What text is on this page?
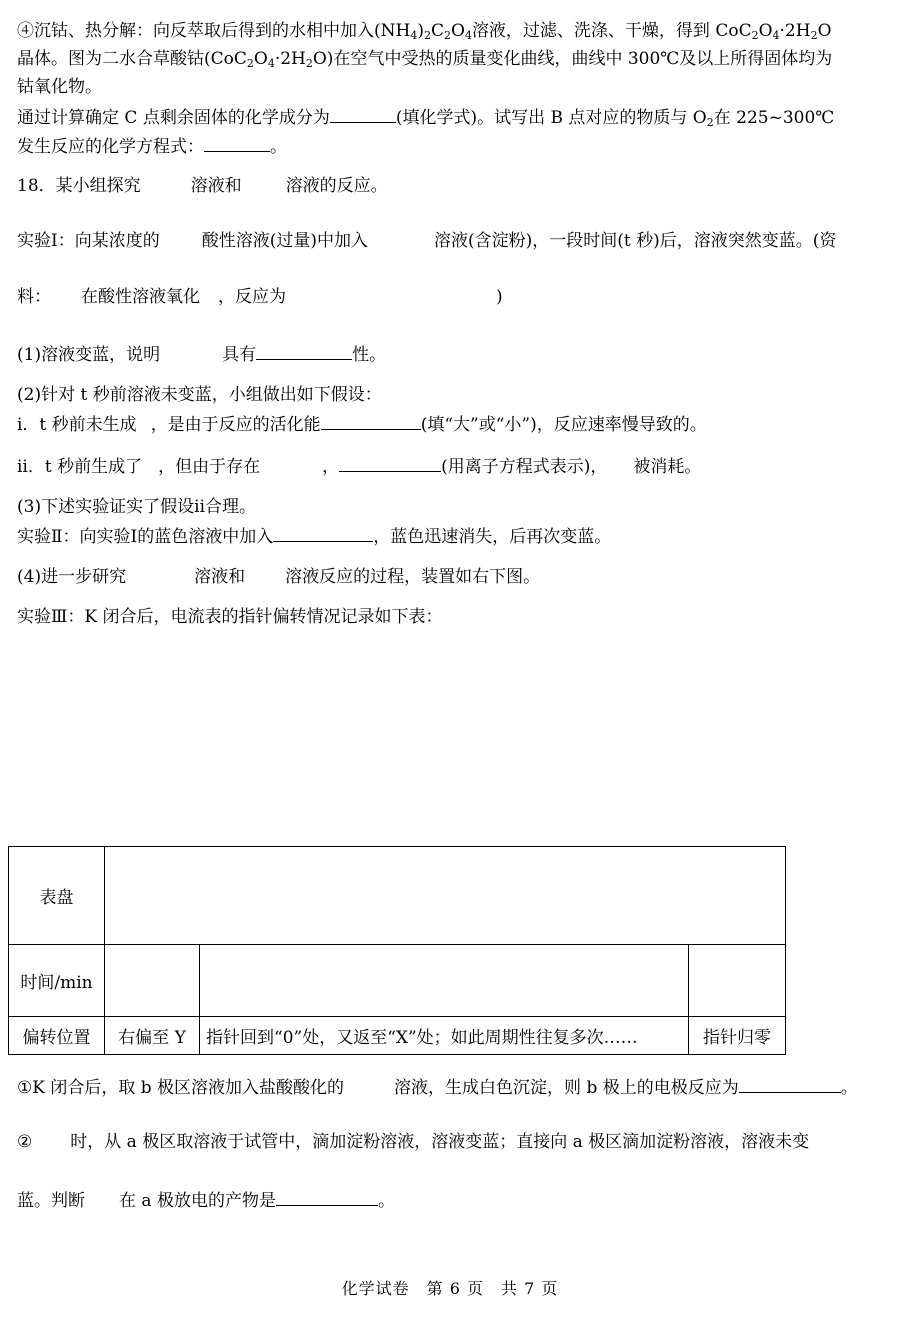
④沉钴、热分解：向反萃取后得到的水相中加入$(NH_4)_2C_2O_4$溶液，过滤、洗涤、干燥，得到 $CoC_2O_4\cdot 2H_2O$
晶体。图为二水合草酸钴$(CoC_2O_4\cdot 2H_2O)$在空气中受热的质量变化曲线，曲线中 300℃及以上所得固体均为
钴氧化物。
通过计算确定 C 点剩余固体的化学成分为	(填化学式)。试写出 B 点对应的物质与 $O_2$在 225~300℃
发生反应的化学方程式：	。
18．某小组探究	溶液和	溶液的反应。
实验Ⅰ：向某浓度的 酸性溶液(过量)中加入	溶液(含淀粉)，一段时间(t 秒)后，溶液突然变蓝。(资
料： 在酸性溶液氧化 ，反应为	)
(1)溶液变蓝，说明	具有	性。
(2)针对 t 秒前溶液未变蓝，小组做出如下假设：
ⅰ．t 秒前未生成 ，是由于反应的活化能	(填“大”或“小”)，反应速率慢导致的。
ⅱ．t 秒前生成了 ，但由于存在	，	(用离子方程式表示)， 被消耗。
(3)下述实验证实了假设ⅱ合理。
实验Ⅱ：向实验Ⅰ的蓝色溶液中加入	，蓝色迅速消失，后再次变蓝。
(4)进一步研究	溶液和 溶液反应的过程，装置如右下图。
实验Ⅲ：K 闭合后，电流表的指针偏转情况记录如下表：
表盘			
时间/min			
偏转位置	右偏至 Y	指针回到“0”处，又返至“X”处；如此周期性往复多次……	指针归零
①K 闭合后，取 b 极区溶液加入盐酸酸化的	溶液，生成白色沉淀，则 b 极上的电极反应为	。
② 时，从 a 极区取溶液于试管中，滴加淀粉溶液，溶液变蓝；直接向 a 极区滴加淀粉溶液，溶液未变
蓝。判断 在 a 极放电的产物是	。
化学试卷　第 6 页　共 7 页
